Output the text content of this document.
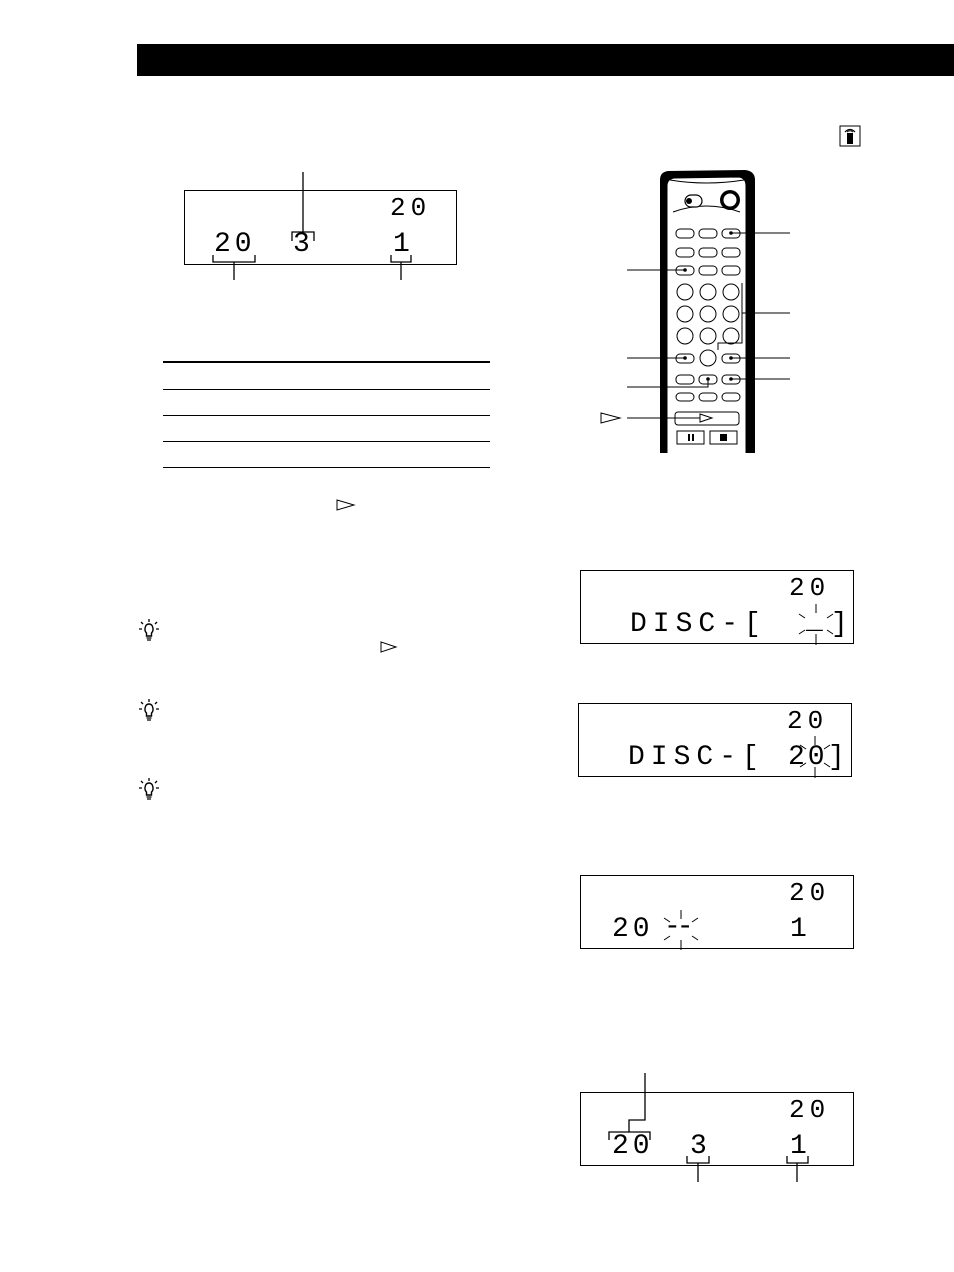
20
20 3	1
20
DISC-[ _ ]
20
DISC-[ 20 ]
20
20 --	1
20
20 3	1
